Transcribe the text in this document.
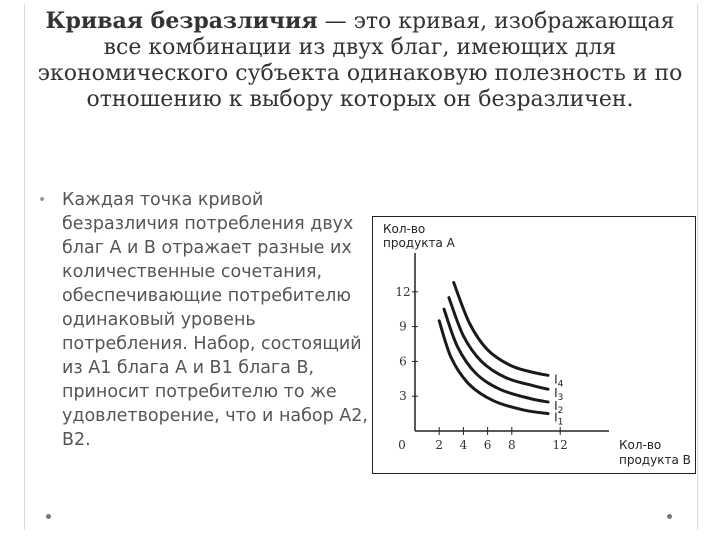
Кривая безразличия — это кривая, изображающая все комбинации из двух благ, имеющих для экономического субъекта одинаковую полезность и по отношению к выбору которых он безразличен.
• Каждая точка кривой безразличия потребления двух благ А и В отражает разные их количественные сочетания, обеспечивающие потребителю одинаковый уровень потребления. Набор, состоящий из А1 блага А и В1 блага В, приносит потребителю то же удовлетворение, что и набор А2, В2.
Кол-во
продукта А
Кол-во
продукта В
0 2 4 6 8	12
3
6
9
12
$I_1$
$I_2$
$I_3$
$I_4$
